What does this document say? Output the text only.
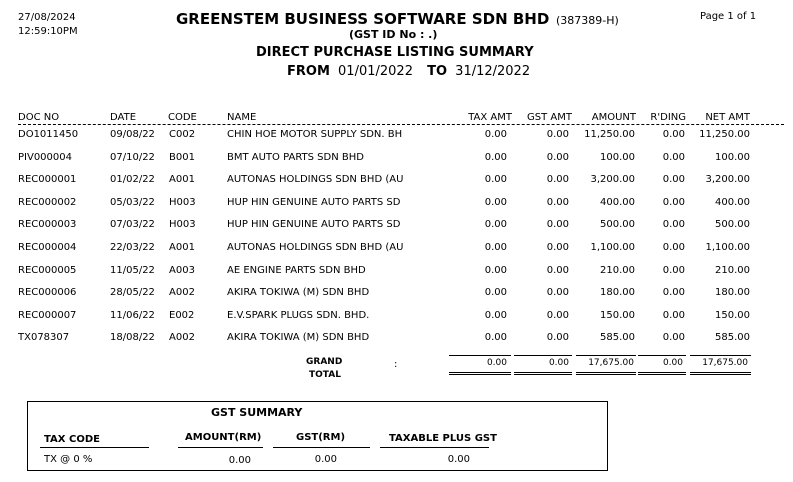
27/08/2024
12:59:10PM
GREENSTEM BUSINESS SOFTWARE SDN BHD (387389-H)	Page 1 of 1
(GST ID No : .)
DIRECT PURCHASE LISTING SUMMARY
FROM 01/01/2022 TO 31/12/2022
DOC NO	DATE	CODE	NAME	TAX AMT	GST AMT	AMOUNT	R'DING	NET AMT
DO1011450	09/08/22 C002	CHIN HOE MOTOR SUPPLY SDN. BH	0.00	0.00	11,250.00	0.00	11,250.00
PIV000004	07/10/22 B001	BMT AUTO PARTS SDN BHD	0.00	0.00	100.00	0.00	100.00
REC000001	01/02/22 A001	AUTONAS HOLDINGS SDN BHD (AU	0.00	0.00	3,200.00	0.00	3,200.00
REC000002	05/03/22 H003	HUP HIN GENUINE AUTO PARTS SD	0.00	0.00	400.00	0.00	400.00
REC000003	07/03/22 H003	HUP HIN GENUINE AUTO PARTS SD	0.00	0.00	500.00	0.00	500.00
REC000004	22/03/22 A001	AUTONAS HOLDINGS SDN BHD (AU	0.00	0.00	1,100.00	0.00	1,100.00
REC000005	11/05/22 A003	AE ENGINE PARTS SDN BHD	0.00	0.00	210.00	0.00	210.00
REC000006	28/05/22 A002	AKIRA TOKIWA (M) SDN BHD	0.00	0.00	180.00	0.00	180.00
REC000007	11/06/22 E002	E.V.SPARK PLUGS SDN. BHD.	0.00	0.00	150.00	0.00	150.00
TX078307	18/08/22 A002	AKIRA TOKIWA (M) SDN BHD	0.00	0.00	585.00	0.00	585.00
GRAND
TOTAL
:	0.00	0.00	17,675.00	0.00	17,675.00
GST SUMMARY
TAX CODE	AMOUNT(RM)	GST(RM)	TAXABLE PLUS GST
TX @ 0 %	0.00	0.00	0.00
